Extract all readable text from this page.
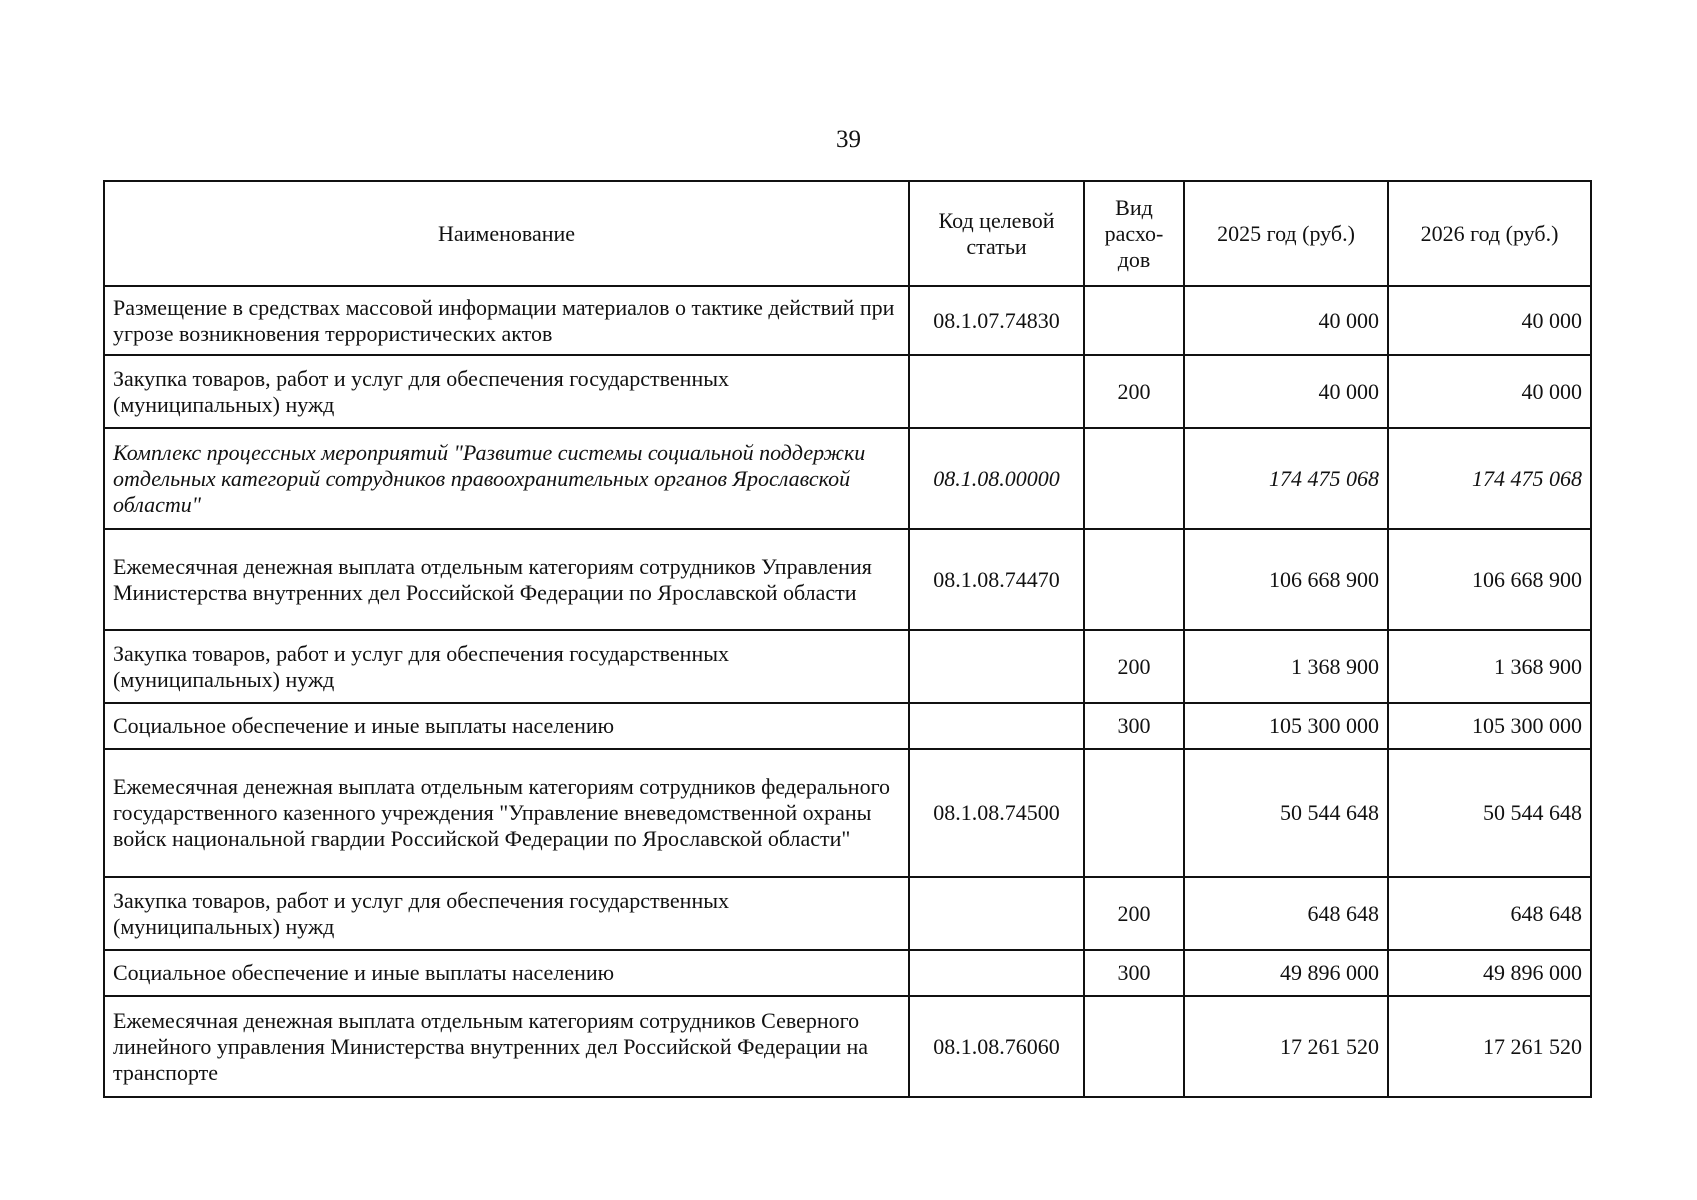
39
Наименование	Код целевой статьи	Вид расхо-дов	2025 год (руб.)	2026 год (руб.)
Размещение в средствах массовой информации материалов о тактике действий при угрозе возникновения террористических актов	08.1.07.74830		40 000	40 000
Закупка товаров, работ и услуг для обеспечения государственных (муниципальных) нужд		200	40 000	40 000
Комплекс процессных мероприятий "Развитие системы социальной поддержки отдельных категорий сотрудников правоохранительных органов Ярославской области"	08.1.08.00000		174 475 068	174 475 068
Ежемесячная денежная выплата отдельным категориям сотрудников Управления Министерства внутренних дел Российской Федерации по Ярославской области	08.1.08.74470		106 668 900	106 668 900
Закупка товаров, работ и услуг для обеспечения государственных (муниципальных) нужд		200	1 368 900	1 368 900
Социальное обеспечение и иные выплаты населению		300	105 300 000	105 300 000
Ежемесячная денежная выплата отдельным категориям сотрудников федерального государственного казенного учреждения "Управление вневедомственной охраны войск национальной гвардии Российской Федерации по Ярославской области"	08.1.08.74500		50 544 648	50 544 648
Закупка товаров, работ и услуг для обеспечения государственных (муниципальных) нужд		200	648 648	648 648
Социальное обеспечение и иные выплаты населению		300	49 896 000	49 896 000
Ежемесячная денежная выплата отдельным категориям сотрудников Северного линейного управления Министерства внутренних дел Российской Федерации на транспорте	08.1.08.76060		17 261 520	17 261 520
